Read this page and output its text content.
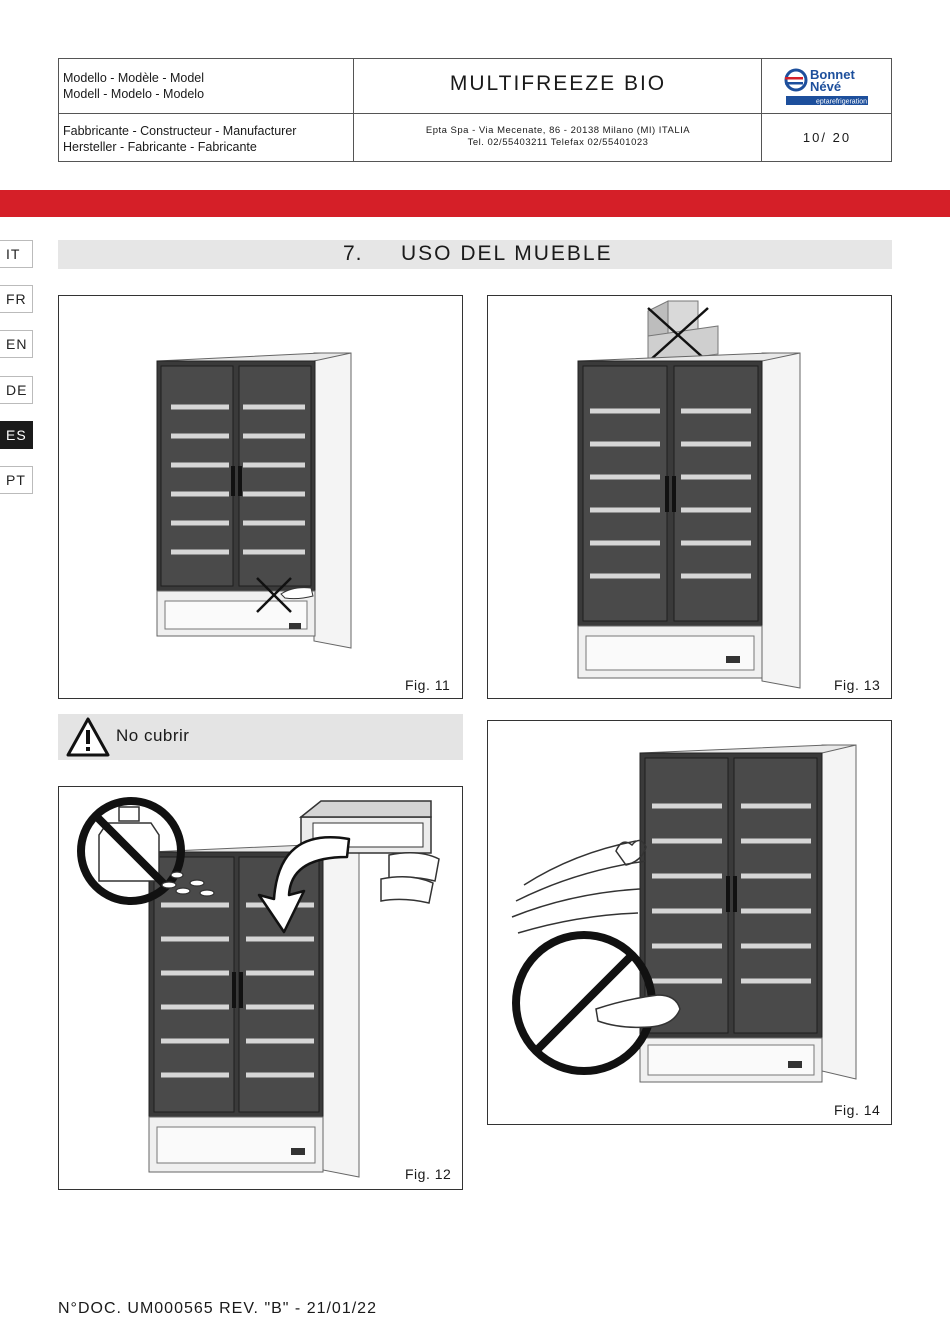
Modello - Modèle - Model
Modell - Modelo - Modelo
Fabbricante - Constructeur - Manufacturer
Hersteller - Fabricante - Fabricante
MULTIFREEZE BIO
Epta Spa - Via Mecenate, 86 - 20138 Milano (MI) ITALIA
Tel. 02/55403211 Telefax 02/55401023	10/ 20
Bonnet
Névé
eptarefrigeration
IT
FR
EN
DE
ES
PT
7. USO DEL MUEBLE
Fig. 11	Fig. 13
No cubrir
Fig. 12
Fig. 14
N°DOC. UM000565 REV. "B" - 21/01/22
